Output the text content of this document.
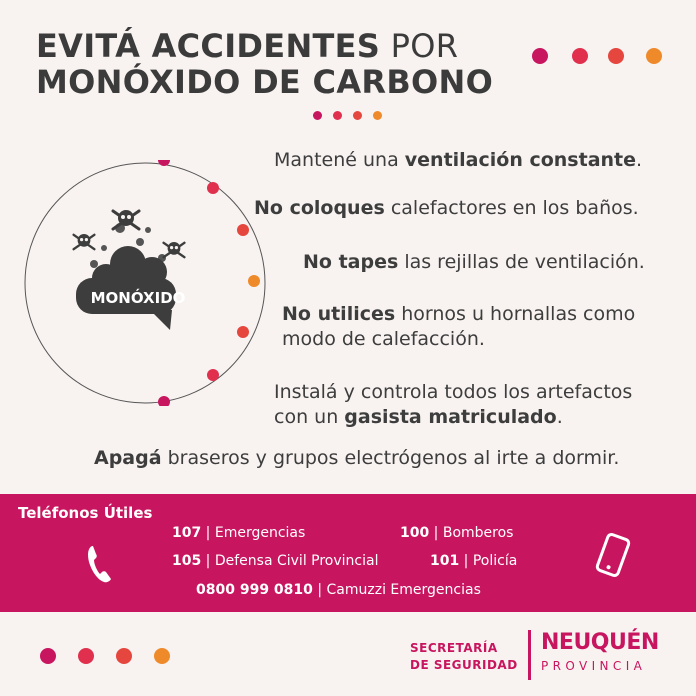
EVITÁ ACCIDENTES POR
MONÓXIDO DE CARBONO
MONÓXIDO
Mantené una ventilación constante.
No coloques calefactores en los baños.
No tapes las rejillas de ventilación.
No utilices hornos u hornallas como
modo de calefacción.
Instalá y controla todos los artefactos
con un gasista matriculado.
Apagá braseros y grupos electrógenos al irte a dormir.
Teléfonos Útiles
107 | Emergencias	100 | Bomberos
105 | Defensa Civil Provincial	101 | Policía
0800 999 0810 | Camuzzi Emergencias
SECRETARÍA
DE SEGURIDAD
NEUQUÉN
PROVINCIA
